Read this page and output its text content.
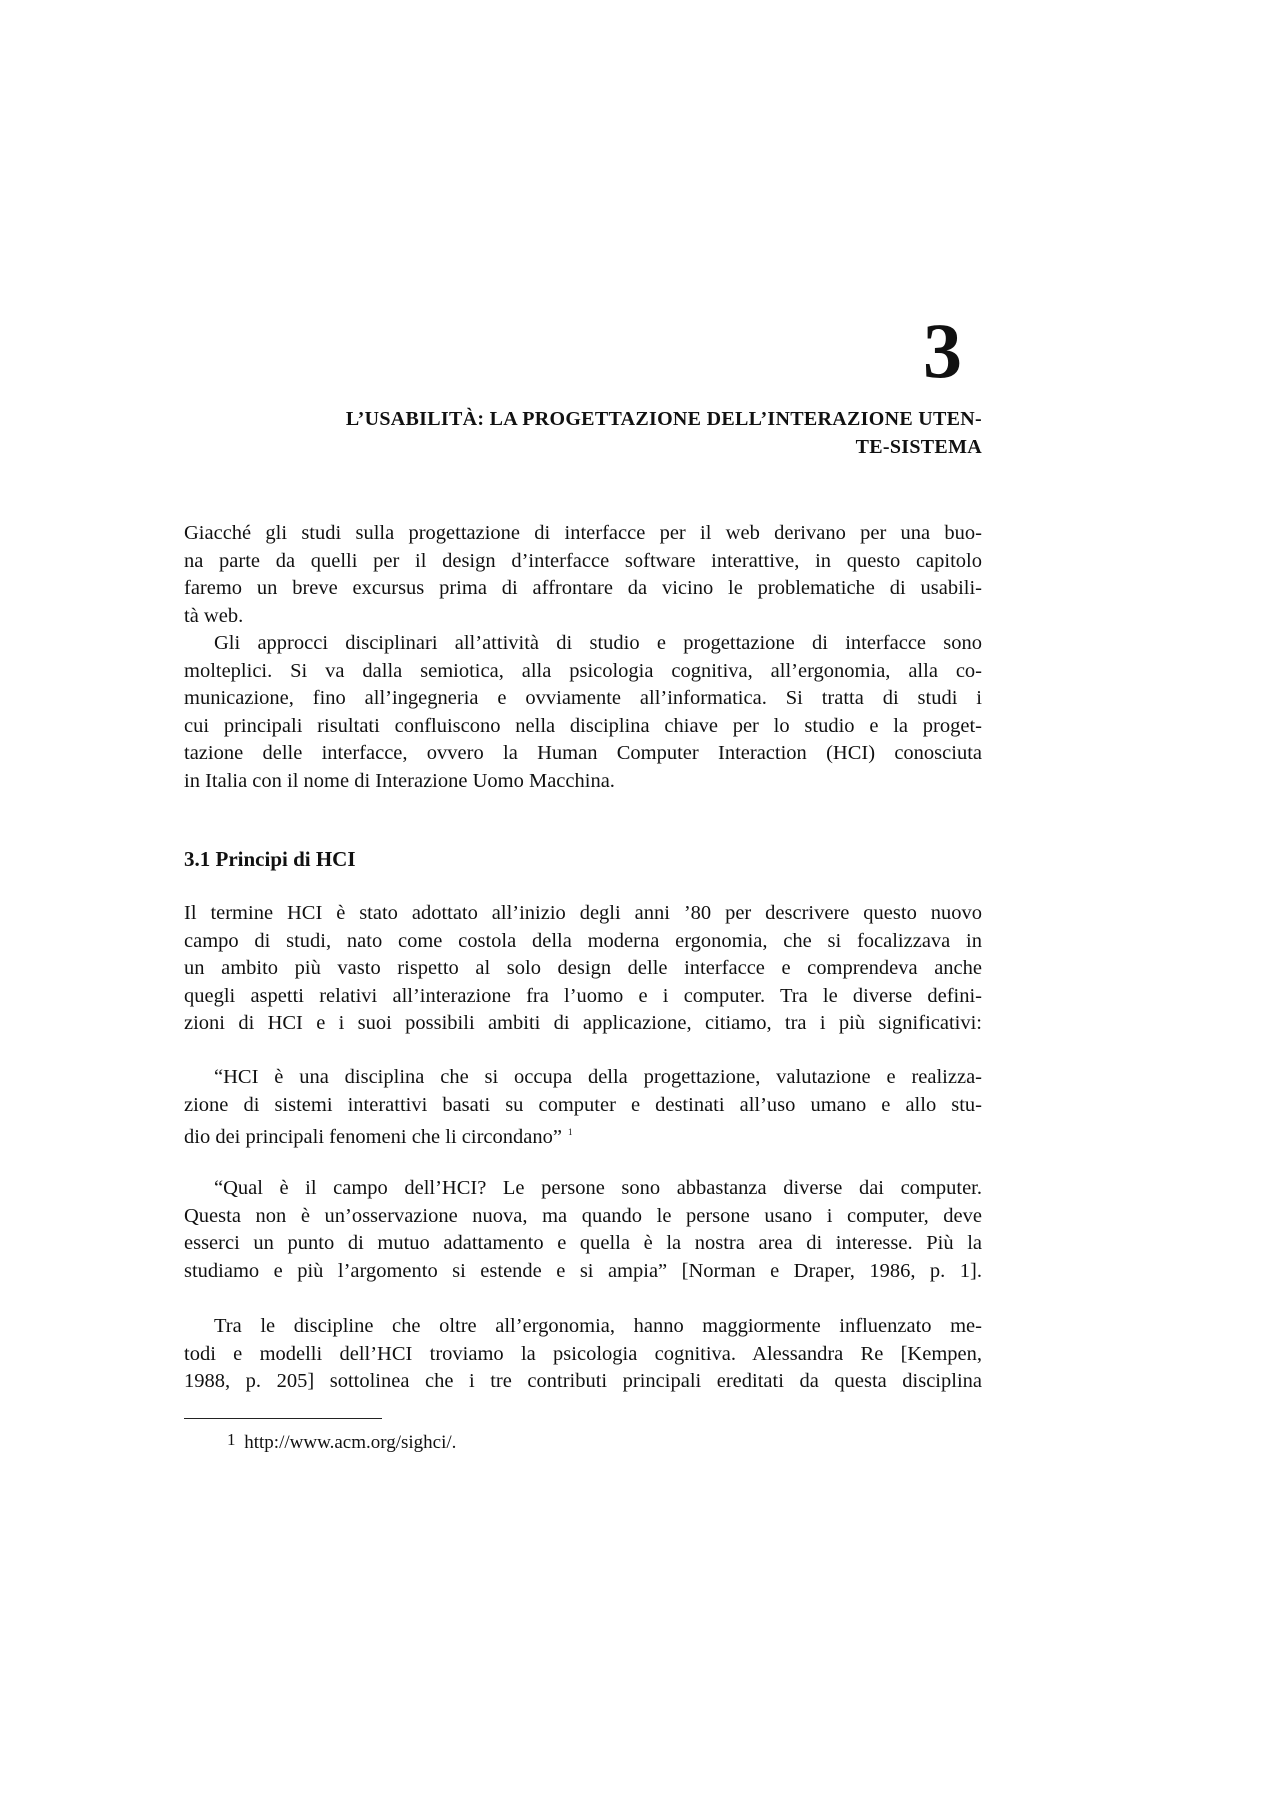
3
L’USABILITÀ: LA PROGETTAZIONE DELL’INTERAZIONE UTEN-
TE-SISTEMA
Giacché gli studi sulla progettazione di interfacce per il web derivano per una buo-
na parte da quelli per il design d’interfacce software interattive, in questo capitolo
faremo un breve excursus prima di affrontare da vicino le problematiche di usabili-
tà web.
Gli approcci disciplinari all’attività di studio e progettazione di interfacce sono
molteplici. Si va dalla semiotica, alla psicologia cognitiva, all’ergonomia, alla co-
municazione, fino all’ingegneria e ovviamente all’informatica. Si tratta di studi i
cui principali risultati confluiscono nella disciplina chiave per lo studio e la proget-
tazione delle interfacce, ovvero la Human Computer Interaction (HCI) conosciuta
in Italia con il nome di Interazione Uomo Macchina.
3.1 Principi di HCI
Il termine HCI è stato adottato all’inizio degli anni ’80 per descrivere questo nuovo
campo di studi, nato come costola della moderna ergonomia, che si focalizzava in
un ambito più vasto rispetto al solo design delle interfacce e comprendeva anche
quegli aspetti relativi all’interazione fra l’uomo e i computer. Tra le diverse defini-
zioni di HCI e i suoi possibili ambiti di applicazione, citiamo, tra i più significativi:
“HCI è una disciplina che si occupa della progettazione, valutazione e realizza-
zione di sistemi interattivi basati su computer e destinati all’uso umano e allo stu-
dio dei principali fenomeni che li circondano” $^1$
“Qual è il campo dell’HCI? Le persone sono abbastanza diverse dai computer.
Questa non è un’osservazione nuova, ma quando le persone usano i computer, deve
esserci un punto di mutuo adattamento e quella è la nostra area di interesse. Più la
studiamo e più l’argomento si estende e si ampia” [Norman e Draper, 1986, p. 1].
Tra le discipline che oltre all’ergonomia, hanno maggiormente influenzato me-
todi e modelli dell’HCI troviamo la psicologia cognitiva. Alessandra Re [Kempen,
1988, p. 205] sottolinea che i tre contributi principali ereditati da questa disciplina
1 http://www.acm.org/sighci/.
